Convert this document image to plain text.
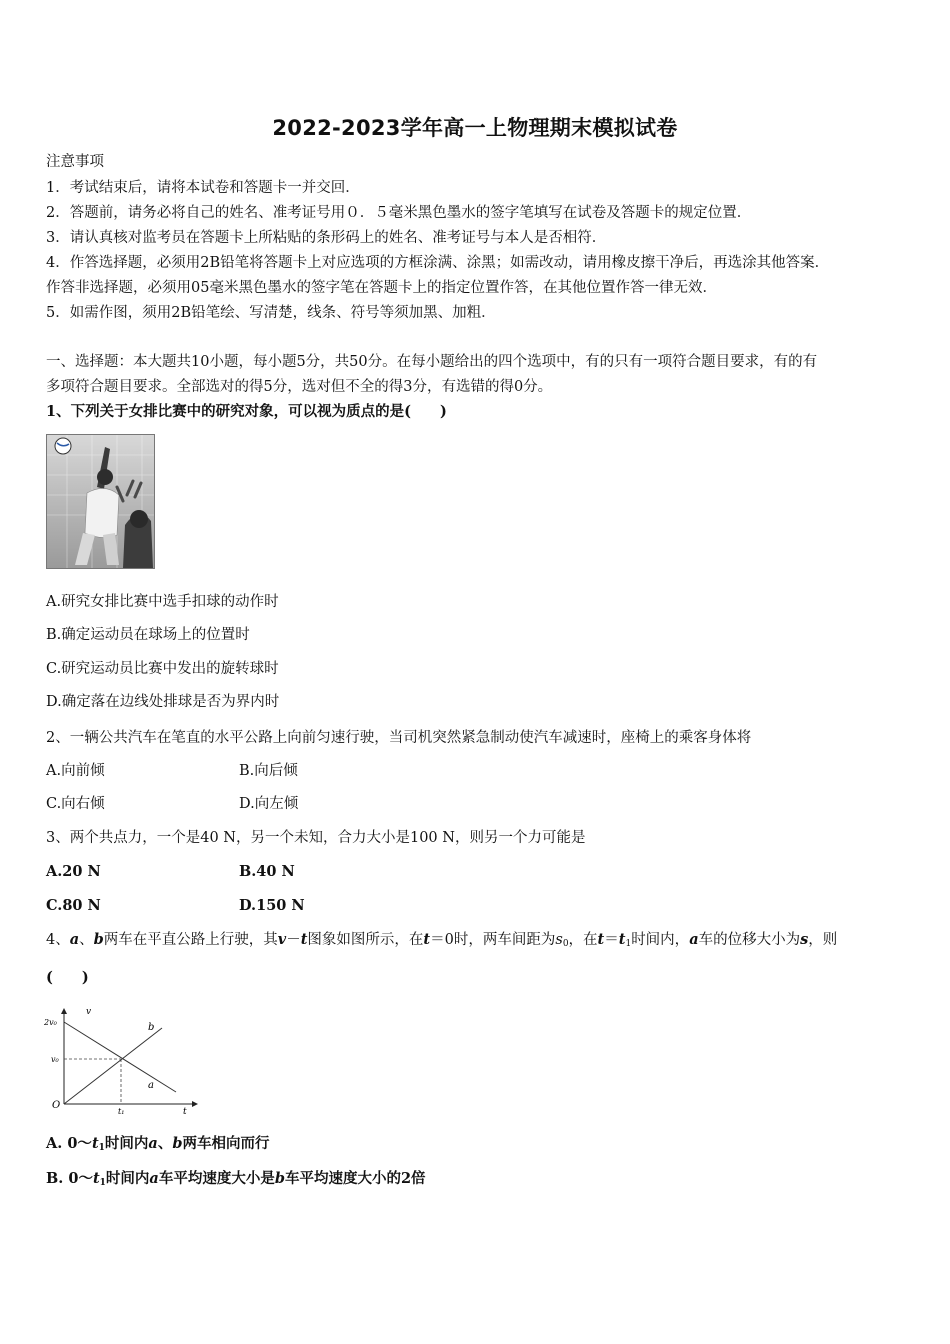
2022-2023学年高一上物理期末模拟试卷
注意事项
1．考试结束后，请将本试卷和答题卡一并交回．
2．答题前，请务必将自己的姓名、准考证号用０．５毫米黑色墨水的签字笔填写在试卷及答题卡的规定位置．
3．请认真核对监考员在答题卡上所粘贴的条形码上的姓名、准考证号与本人是否相符．
4．作答选择题，必须用2B铅笔将答题卡上对应选项的方框涂满、涂黑；如需改动，请用橡皮擦干净后，再选涂其他答案．
作答非选择题，必须用05毫米黑色墨水的签字笔在答题卡上的指定位置作答，在其他位置作答一律无效．
5．如需作图，须用2B铅笔绘、写清楚，线条、符号等须加黑、加粗．
一、选择题：本大题共10小题，每小题5分，共50分。在每小题给出的四个选项中，有的只有一项符合题目要求，有的有
多项符合题目要求。全部选对的得5分，选对但不全的得3分，有选错的得0分。
1、下列关于女排比赛中的研究对象，可以视为质点的是(　　)
A.研究女排比赛中选手扣球的动作时
B.确定运动员在球场上的位置时
C.研究运动员比赛中发出的旋转球时
D.确定落在边线处排球是否为界内时
2、一辆公共汽车在笔直的水平公路上向前匀速行驶，当司机突然紧急制动使汽车减速时，座椅上的乘客身体将
A.向前倾	B.向后倾
C.向右倾	D.向左倾
3、两个共点力，一个是40 N，另一个未知，合力大小是100 N，则另一个力可能是
A.20 N	B.40 N
C.80 N	D.150 N
4、a、b两车在平直公路上行驶，其v－t图象如图所示，在t＝0时，两车间距为$s_0$，在$t=t_1$时间内，a车的位移大小为s，则
(　　)
v
t
O
2v₀
v₀
t₁
a
b
A. $0\sim t_1$时间内a、b两车相向而行
B. $0\sim t_1$时间内a车平均速度大小是b车平均速度大小的2倍
